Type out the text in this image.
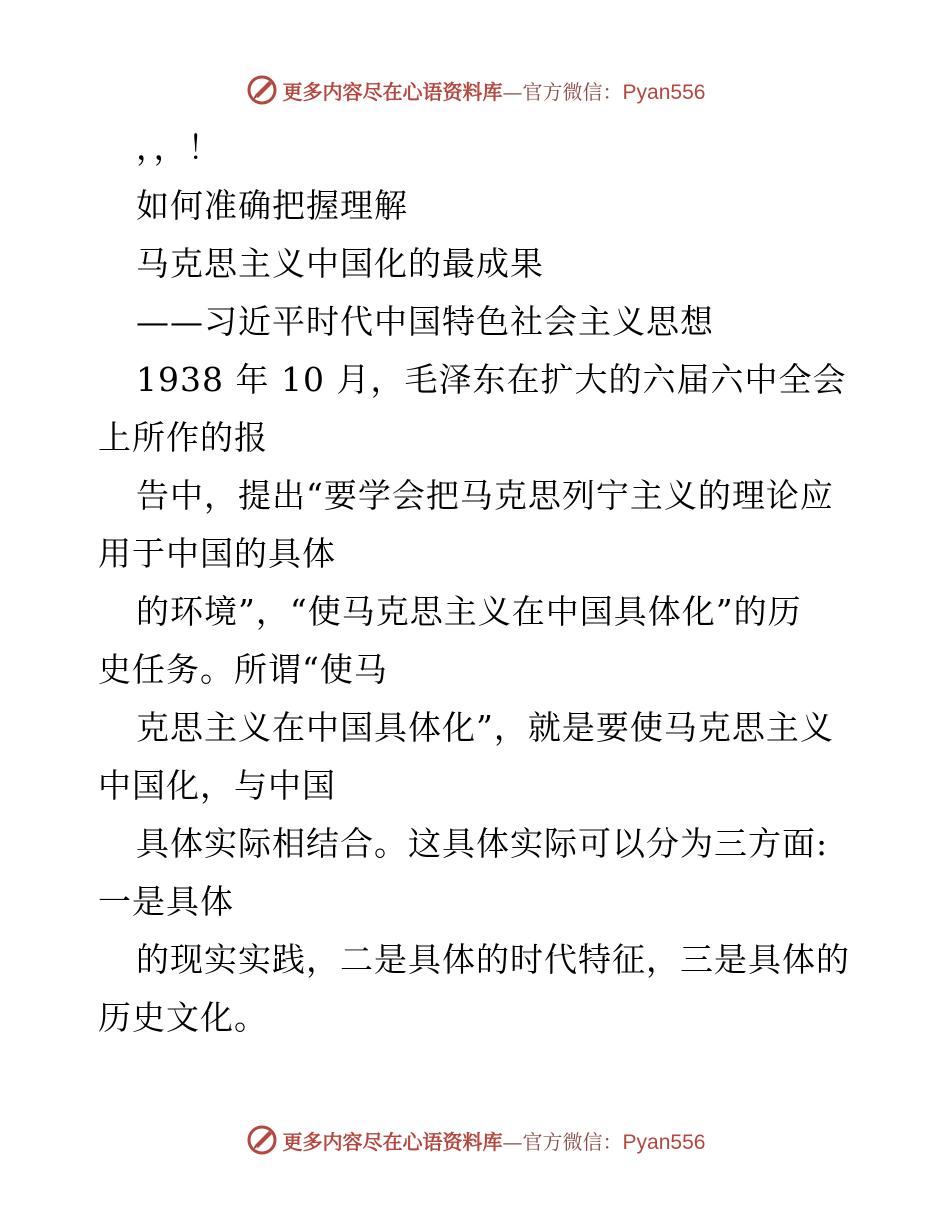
更多内容尽在心语资料库—官方微信：Pyan556
，，！
如何准确把握理解
马克思主义中国化的最成果
——习近平时代中国特色社会主义思想
1938 年 10 月，毛泽东在扩大的六届六中全会
上所作的报
告中，提出“要学会把马克思列宁主义的理论应
用于中国的具体
的环境”，“使马克思主义在中国具体化”的历
史任务。所谓“使马
克思主义在中国具体化”，就是要使马克思主义
中国化，与中国
具体实际相结合。这具体实际可以分为三方面:
一是具体
的现实实践，二是具体的时代特征，三是具体的
历史文化。
更多内容尽在心语资料库—官方微信：Pyan556
